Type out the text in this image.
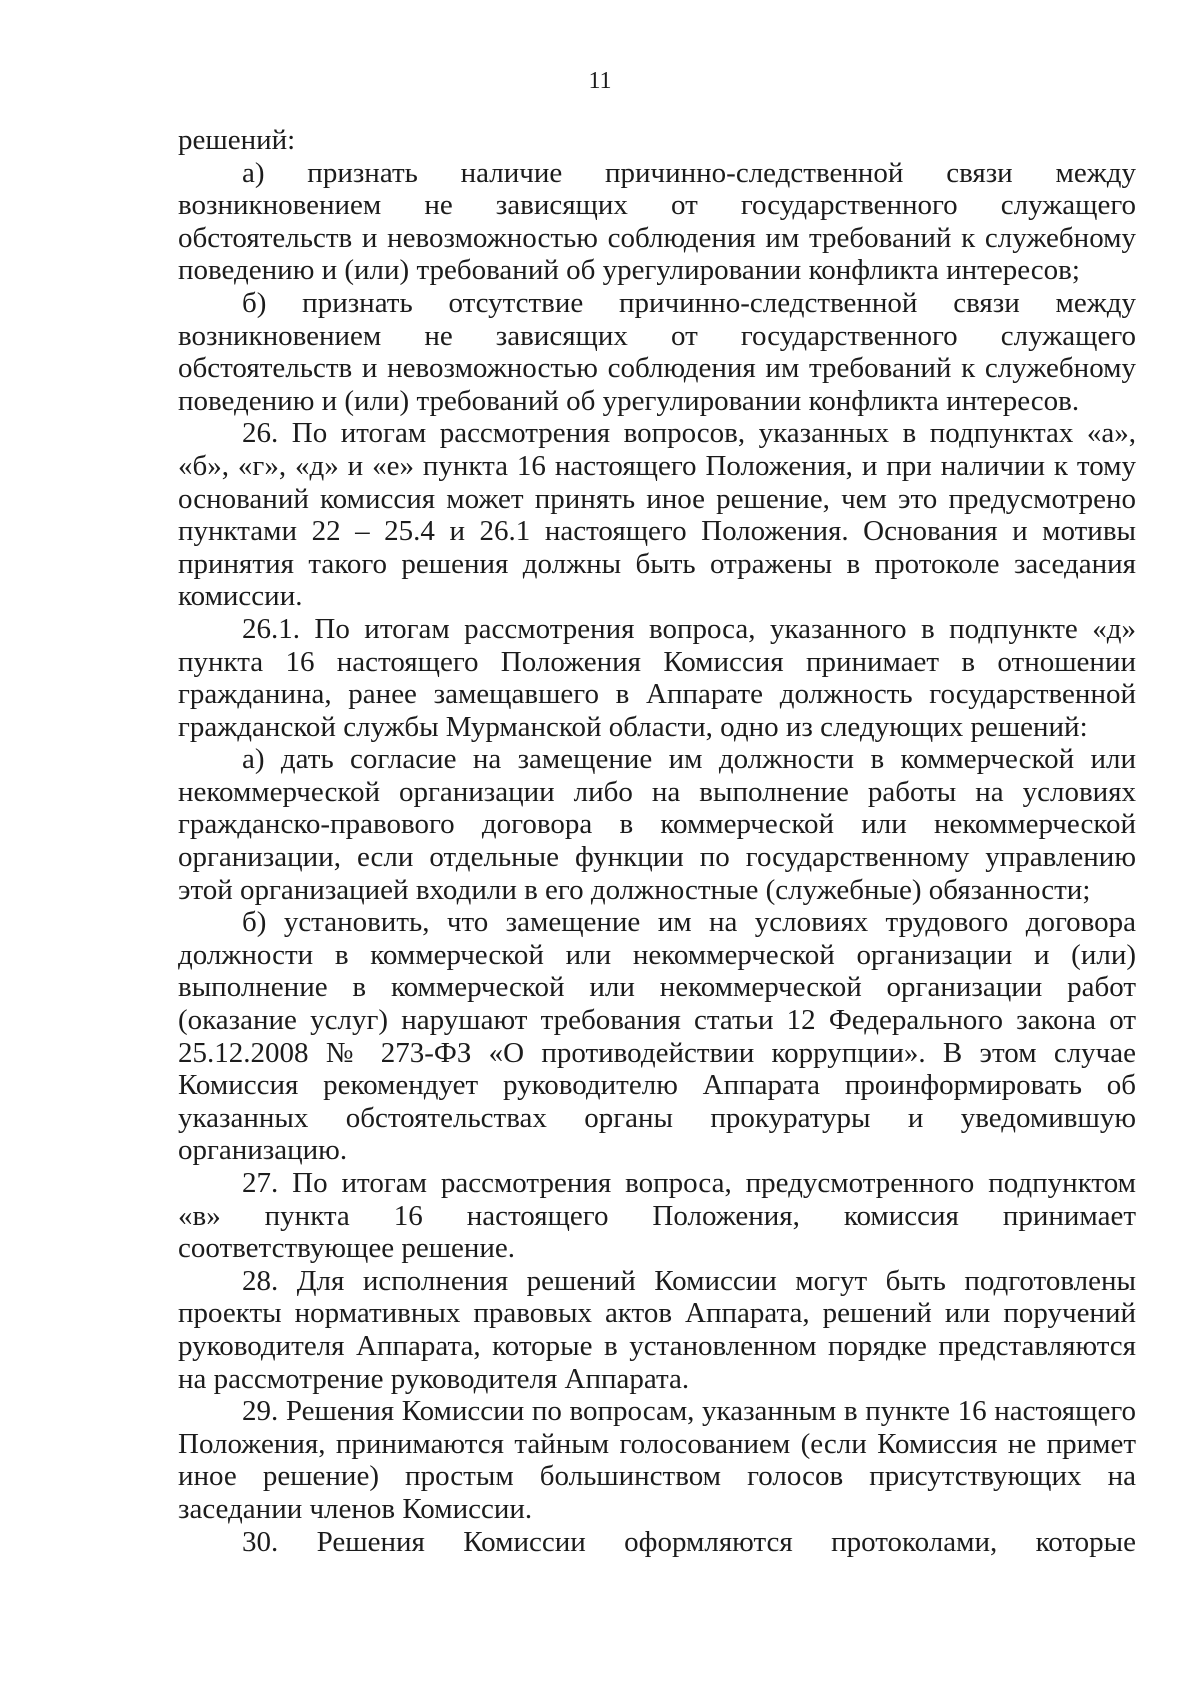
11

решений:

а) признать наличие причинно-следственной связи между возникновением не зависящих от государственного служащего обстоятельств и невозможностью соблюдения им требований к служебному поведению и (или) требований об урегулировании конфликта интересов;

б) признать отсутствие причинно-следственной связи между возникновением не зависящих от государственного служащего обстоятельств и невозможностью соблюдения им требований к служебному поведению и (или) требований об урегулировании конфликта интересов.

26. По итогам рассмотрения вопросов, указанных в подпунктах «а», «б», «г», «д» и «е» пункта 16 настоящего Положения, и при наличии к тому оснований комиссия может принять иное решение, чем это предусмотрено пунктами 22 – 25.4 и 26.1 настоящего Положения. Основания и мотивы принятия такого решения должны быть отражены в протоколе заседания комиссии.

26.1. По итогам рассмотрения вопроса, указанного в подпункте «д» пункта 16 настоящего Положения Комиссия принимает в отношении гражданина, ранее замещавшего в Аппарате должность государственной гражданской службы Мурманской области, одно из следующих решений:

а) дать согласие на замещение им должности в коммерческой или некоммерческой организации либо на выполнение работы на условиях гражданско-правового договора в коммерческой или некоммерческой организации, если отдельные функции по государственному управлению этой организацией входили в его должностные (служебные) обязанности;

б) установить, что замещение им на условиях трудового договора должности в коммерческой или некоммерческой организации и (или) выполнение в коммерческой или некоммерческой организации работ (оказание услуг) нарушают требования статьи 12 Федерального закона от 25.12.2008 № 273-ФЗ «О противодействии коррупции». В этом случае Комиссия рекомендует руководителю Аппарата проинформировать об указанных обстоятельствах органы прокуратуры и уведомившую организацию.

27. По итогам рассмотрения вопроса, предусмотренного подпунктом «в» пункта 16 настоящего Положения, комиссия принимает соответствующее решение.

28. Для исполнения решений Комиссии могут быть подготовлены проекты нормативных правовых актов Аппарата, решений или поручений руководителя Аппарата, которые в установленном порядке представляются на рассмотрение руководителя Аппарата.

29. Решения Комиссии по вопросам, указанным в пункте 16 настоящего Положения, принимаются тайным голосованием (если Комиссия не примет иное решение) простым большинством голосов присутствующих на заседании членов Комиссии.

30. Решения Комиссии оформляются протоколами, которые
